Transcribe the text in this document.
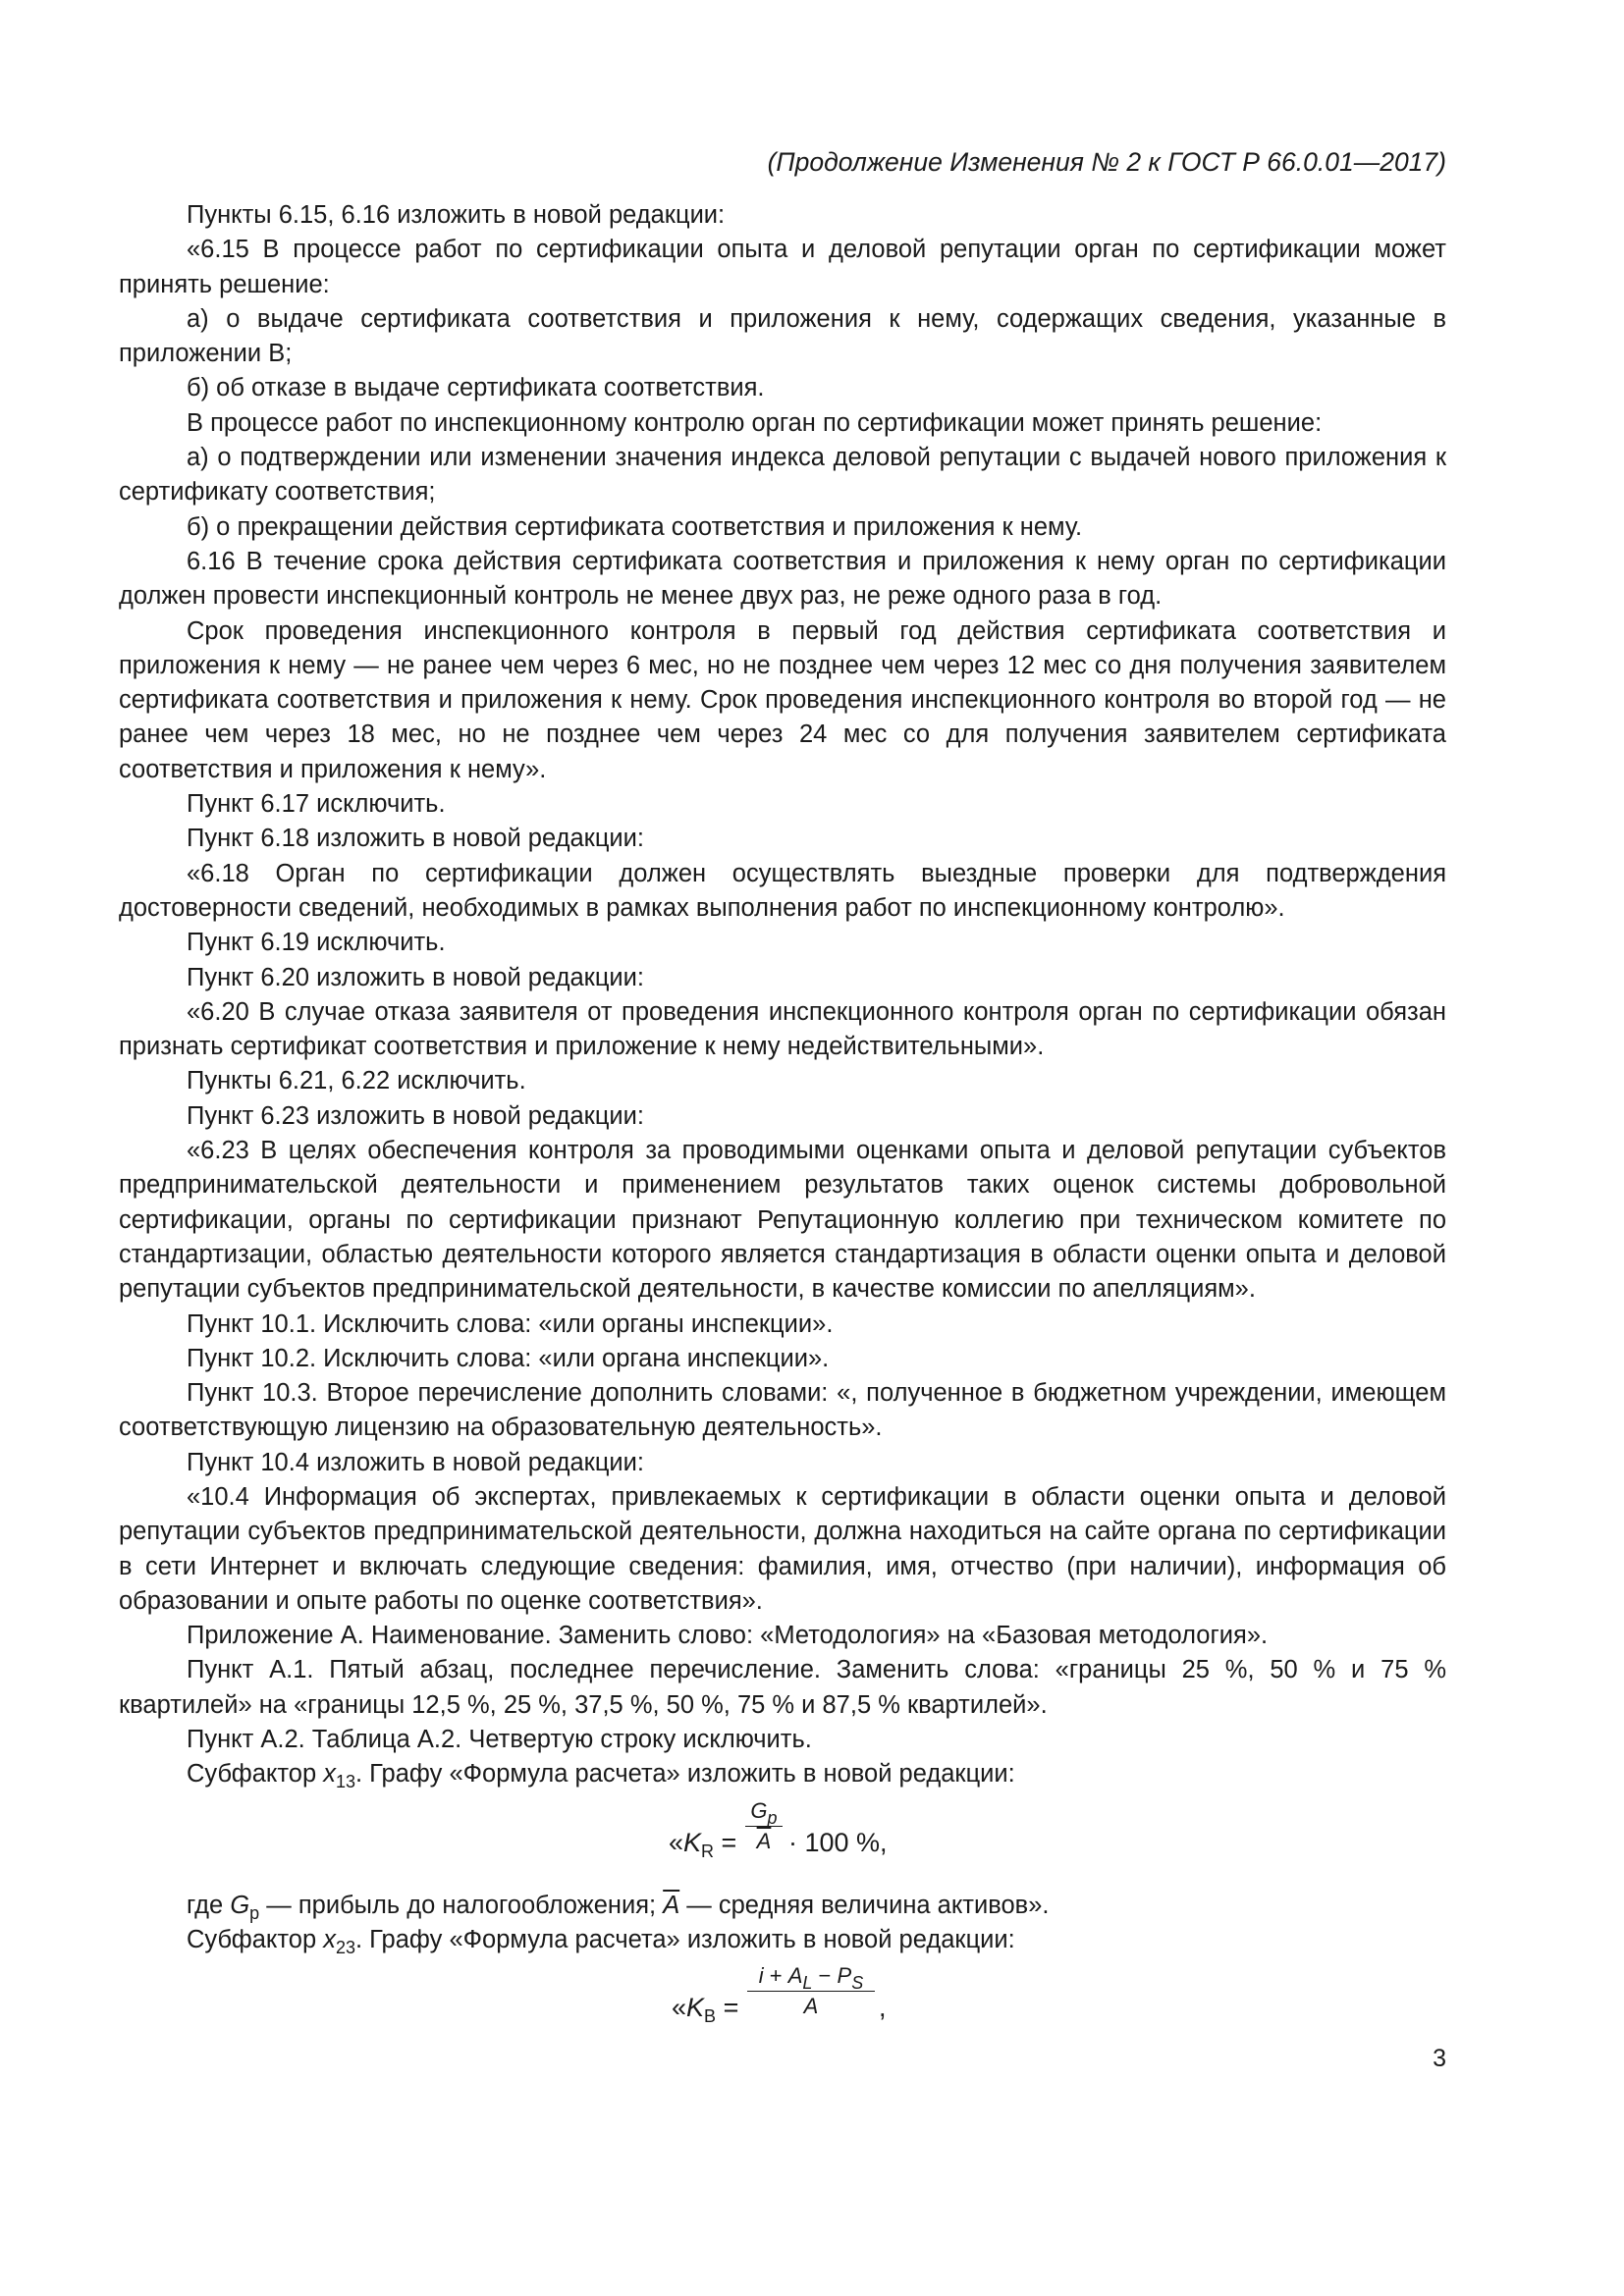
(Продолжение Изменения № 2 к ГОСТ Р 66.0.01—2017)

Пункты 6.15, 6.16 изложить в новой редакции:

«6.15 В процессе работ по сертификации опыта и деловой репутации орган по сертификации может принять решение:

а) о выдаче сертификата соответствия и приложения к нему, содержащих сведения, указанные в приложении В;

б) об отказе в выдаче сертификата соответствия.

В процессе работ по инспекционному контролю орган по сертификации может принять решение:

а) о подтверждении или изменении значения индекса деловой репутации с выдачей нового приложения к сертификату соответствия;

б) о прекращении действия сертификата соответствия и приложения к нему.

6.16 В течение срока действия сертификата соответствия и приложения к нему орган по сертификации должен провести инспекционный контроль не менее двух раз, не реже одного раза в год.

Срок проведения инспекционного контроля в первый год действия сертификата соответствия и приложения к нему — не ранее чем через 6 мес, но не позднее чем через 12 мес со дня получения заявителем сертификата соответствия и приложения к нему. Срок проведения инспекционного контроля во второй год — не ранее чем через 18 мес, но не позднее чем через 24 мес со для получения заявителем сертификата соответствия и приложения к нему».

Пункт 6.17 исключить.

Пункт 6.18 изложить в новой редакции:

«6.18 Орган по сертификации должен осуществлять выездные проверки для подтверждения достоверности сведений, необходимых в рамках выполнения работ по инспекционному контролю».

Пункт 6.19 исключить.

Пункт 6.20 изложить в новой редакции:

«6.20 В случае отказа заявителя от проведения инспекционного контроля орган по сертификации обязан признать сертификат соответствия и приложение к нему недействительными».

Пункты 6.21, 6.22 исключить.

Пункт 6.23 изложить в новой редакции:

«6.23 В целях обеспечения контроля за проводимыми оценками опыта и деловой репутации субъектов предпринимательской деятельности и применением результатов таких оценок системы добровольной сертификации, органы по сертификации признают Репутационную коллегию при техническом комитете по стандартизации, областью деятельности которого является стандартизация в области оценки опыта и деловой репутации субъектов предпринимательской деятельности, в качестве комиссии по апелляциям».

Пункт 10.1. Исключить слова: «или органы инспекции».

Пункт 10.2. Исключить слова: «или органа инспекции».

Пункт 10.3. Второе перечисление дополнить словами: «, полученное в бюджетном учреждении, имеющем соответствующую лицензию на образовательную деятельность».

Пункт 10.4 изложить в новой редакции:

«10.4 Информация об экспертах, привлекаемых к сертификации в области оценки опыта и деловой репутации субъектов предпринимательской деятельности, должна находиться на сайте органа по сертификации в сети Интернет и включать следующие сведения: фамилия, имя, отчество (при наличии), информация об образовании и опыте работы по оценке соответствия».

Приложение А. Наименование. Заменить слово: «Методология» на «Базовая методология».

Пункт А.1. Пятый абзац, последнее перечисление. Заменить слова: «границы 25 %, 50 % и 75 % квартилей» на «границы 12,5 %, 25 %, 37,5 %, 50 %, 75 % и 87,5 % квартилей».

Пункт А.2. Таблица А.2. Четвертую строку исключить.

Субфактор $x_{13}$. Графу «Формула расчета» изложить в новой редакции:

«$K_R = \frac{G_p}{A} \cdot 100$ %,

где $G_p$ — прибыль до налогообложения; $\overline{A}$ — средняя величина активов».

Субфактор $x_{23}$. Графу «Формула расчета» изложить в новой редакции:

«$K_B = \frac{i + A_L - P_S}{A}$ ,
3
